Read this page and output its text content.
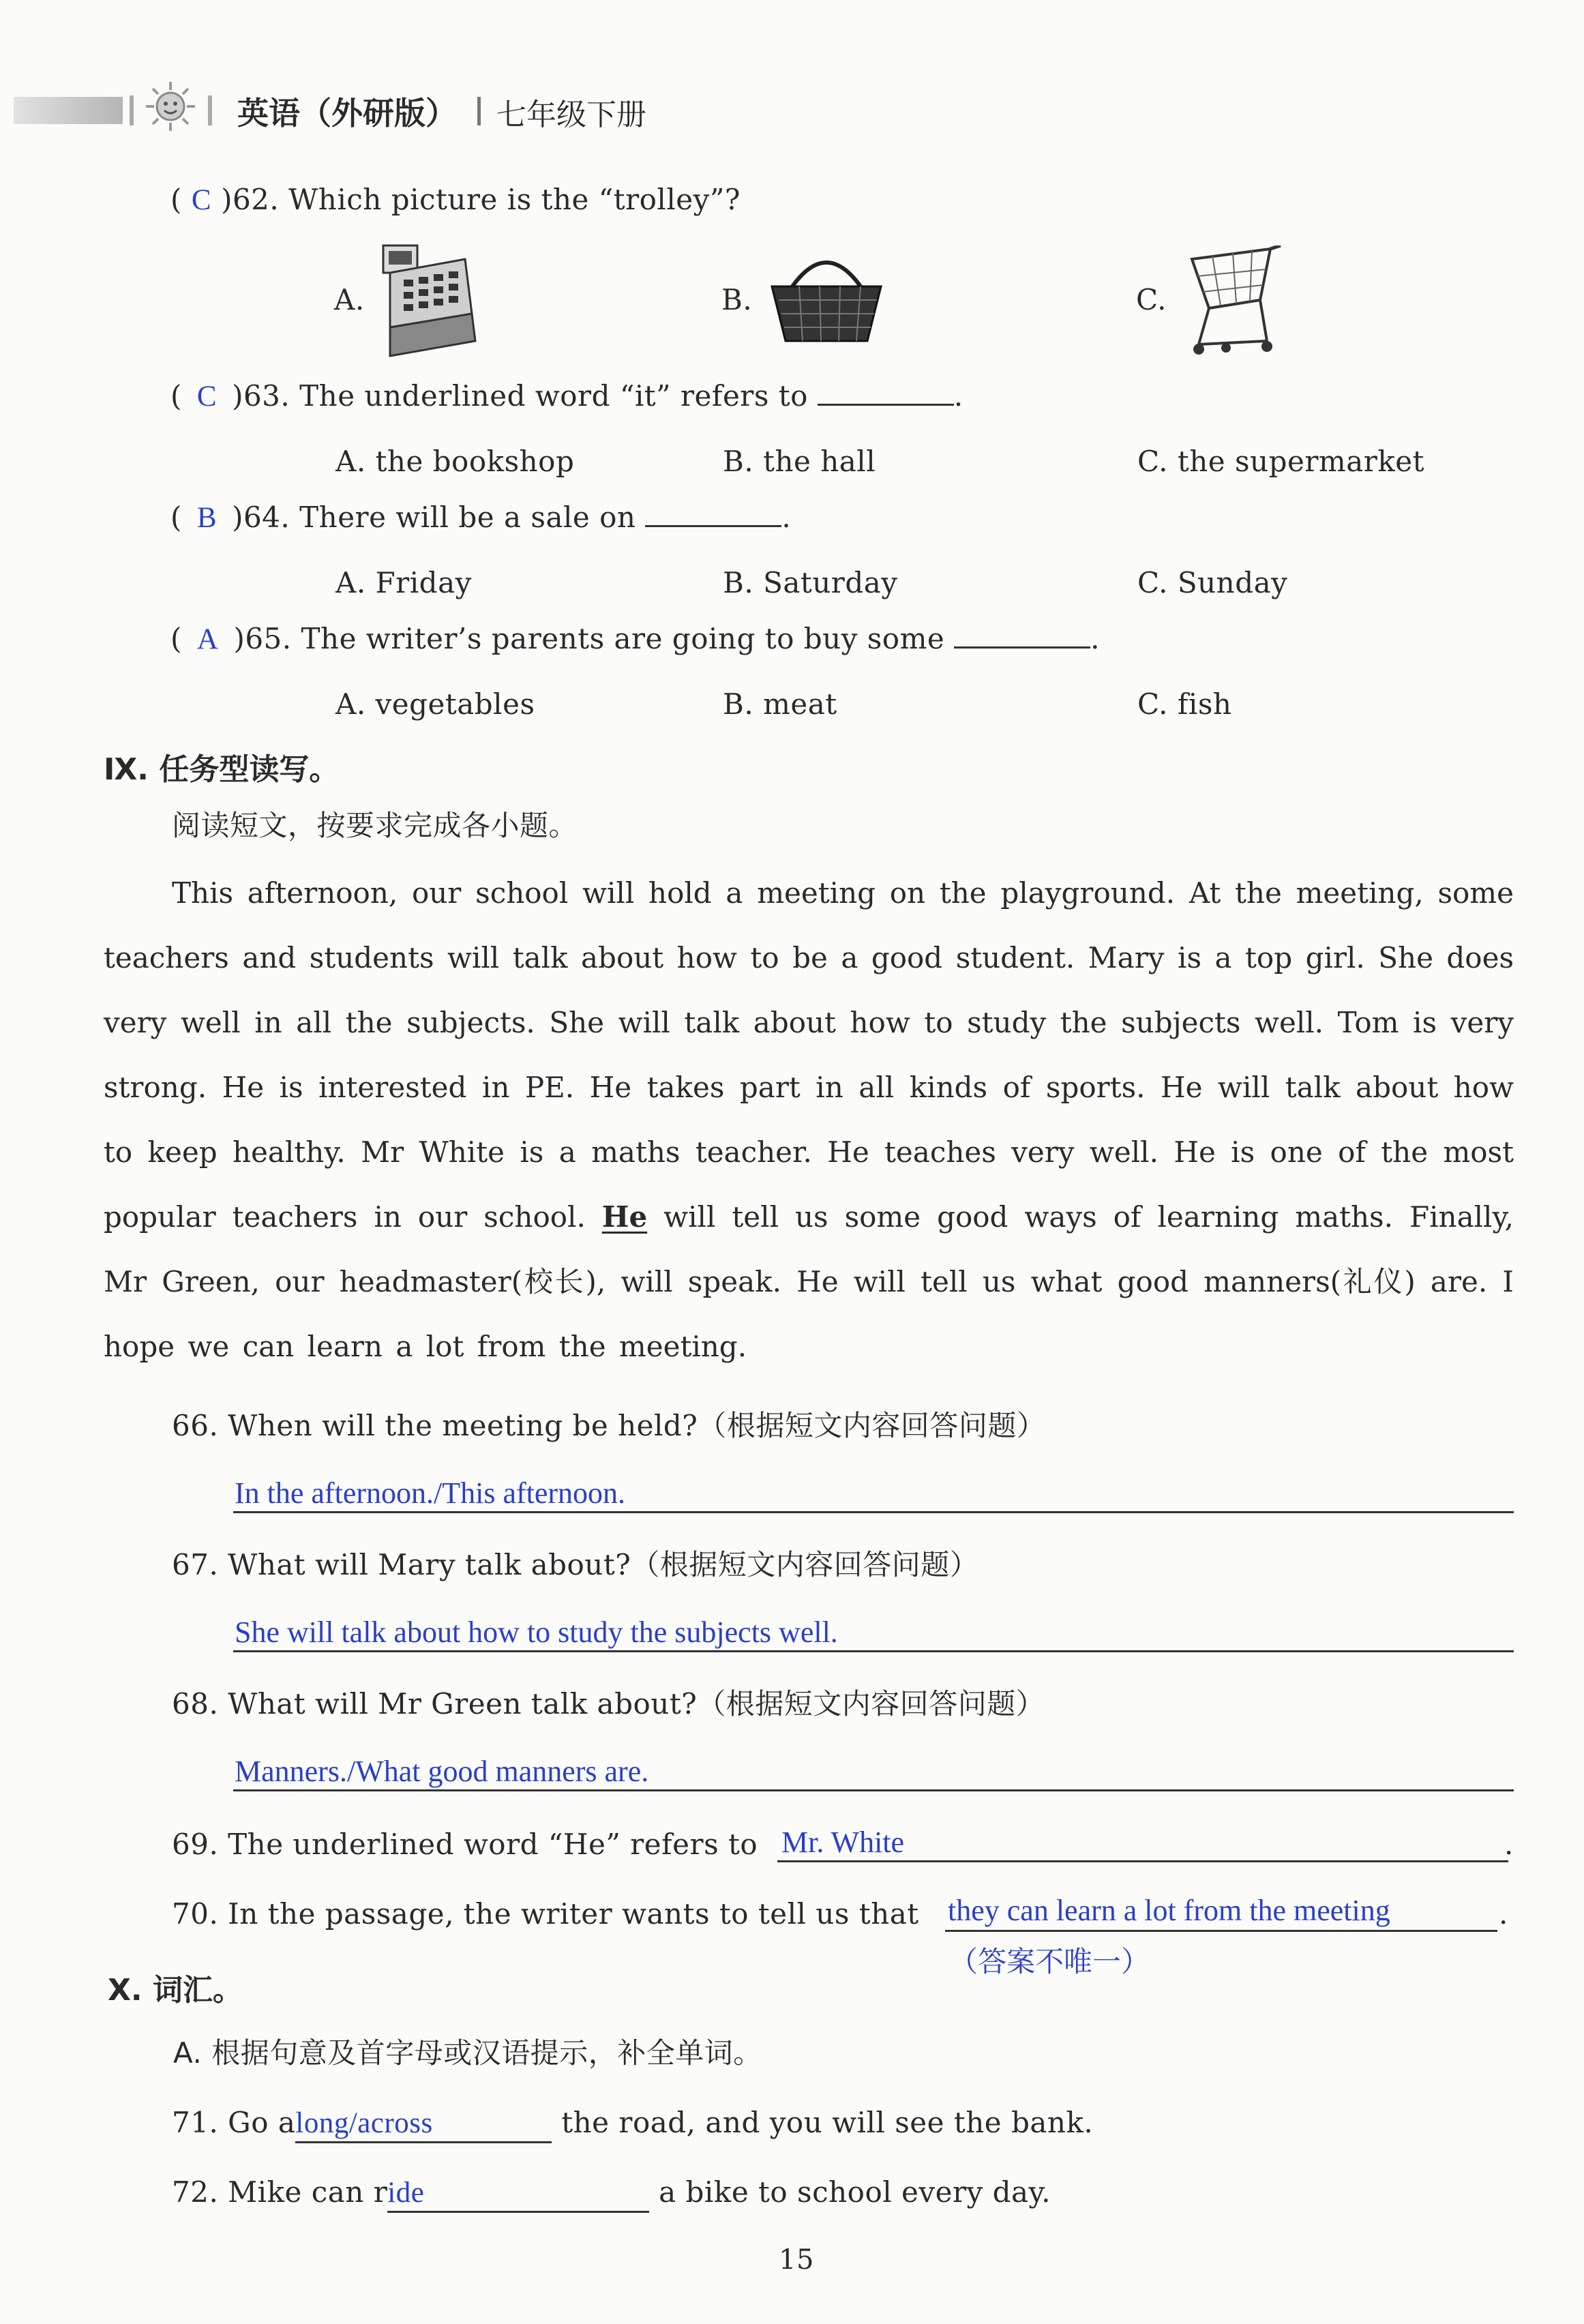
英语（外研版） 七年级下册
( C )62. Which picture is the “trolley”?
A.	B.	C.
( C )63. The underlined word “it” refers to	.
A. the bookshop	B. the hall	C. the supermarket
( B )64. There will be a sale on	.
A. Friday	B. Saturday	C. Sunday
( A )65. The writer’s parents are going to buy some	.
A. vegetables	B. meat	C. fish
Ⅸ. 任务型读写。
阅读短文，按要求完成各小题。
This afternoon, our school will hold a meeting on the playground. At the meeting, some teachers and students will talk about how to be a good student. Mary is a top girl. She does very well in all the subjects. She will talk about how to study the subjects well. Tom is very strong. He is interested in PE. He takes part in all kinds of sports. He will talk about how to keep healthy. Mr White is a maths teacher. He teaches very well. He is one of the most popular teachers in our school. He will tell us some good ways of learning maths. Finally, Mr Green, our headmaster(校长), will speak. He will tell us what good manners(礼仪) are. I hope we can learn a lot from the meeting.
66. When will the meeting be held?（根据短文内容回答问题）
In the afternoon./This afternoon.
67. What will Mary talk about?（根据短文内容回答问题）
She will talk about how to study the subjects well.
68. What will Mr Green talk about?（根据短文内容回答问题）
Manners./What good manners are.
69. The underlined word “He” refers to Mr. White	.
70. In the passage, the writer wants to tell us that they can learn a lot from the meeting	.
（答案不唯一）
Ⅹ. 词汇。
A. 根据句意及首字母或汉语提示，补全单词。
71. Go along/across	the road, and you will see the bank.
72. Mike can ride	a bike to school every day.
15
